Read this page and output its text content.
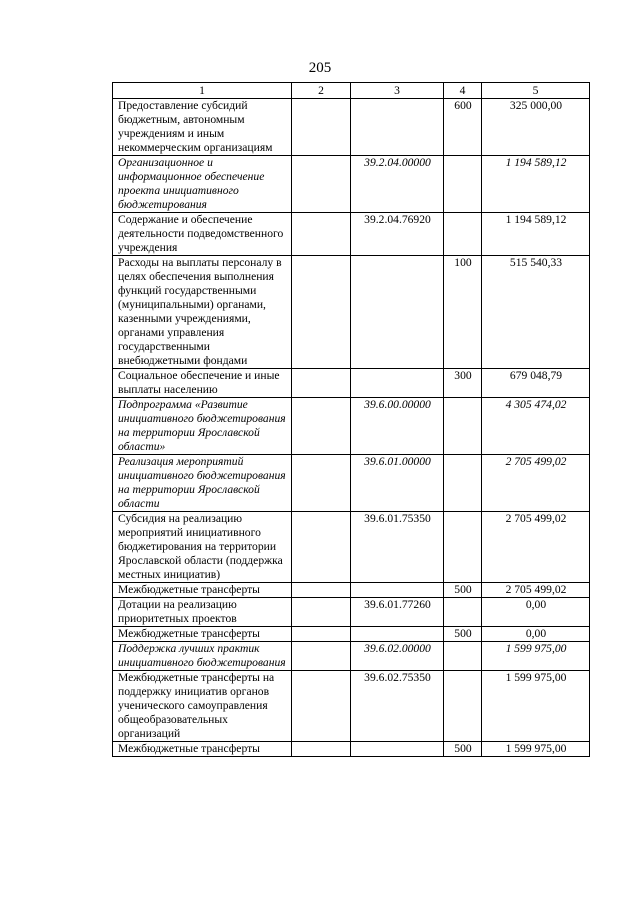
205
1	2	3	4	5
Предоставление субсидий бюджетным, автономным учреждениям и иным некоммерческим организациям			600	325 000,00
Организационное и информационное обеспечение проекта инициативного бюджетирования		39.2.04.00000		1 194 589,12
Содержание и обеспечение деятельности подведомственного учреждения		39.2.04.76920		1 194 589,12
Расходы на выплаты персоналу в целях обеспечения выполнения функций государственными (муниципальными) органами, казенными учреждениями, органами управления государственными внебюджетными фондами			100	515 540,33
Социальное обеспечение и иные выплаты населению			300	679 048,79
Подпрограмма «Развитие инициативного бюджетирования на территории Ярославской области»		39.6.00.00000		4 305 474,02
Реализация мероприятий инициативного бюджетирования на территории Ярославской области		39.6.01.00000		2 705 499,02
Субсидия на реализацию мероприятий инициативного бюджетирования на территории Ярославской области (поддержка местных инициатив)		39.6.01.75350		2 705 499,02
Межбюджетные трансферты			500	2 705 499,02
Дотации на реализацию приоритетных проектов		39.6.01.77260		0,00
Межбюджетные трансферты			500	0,00
Поддержка лучших практик инициативного бюджетирования		39.6.02.00000		1 599 975,00
Межбюджетные трансферты на поддержку инициатив органов ученического самоуправления общеобразовательных организаций		39.6.02.75350		1 599 975,00
Межбюджетные трансферты			500	1 599 975,00
